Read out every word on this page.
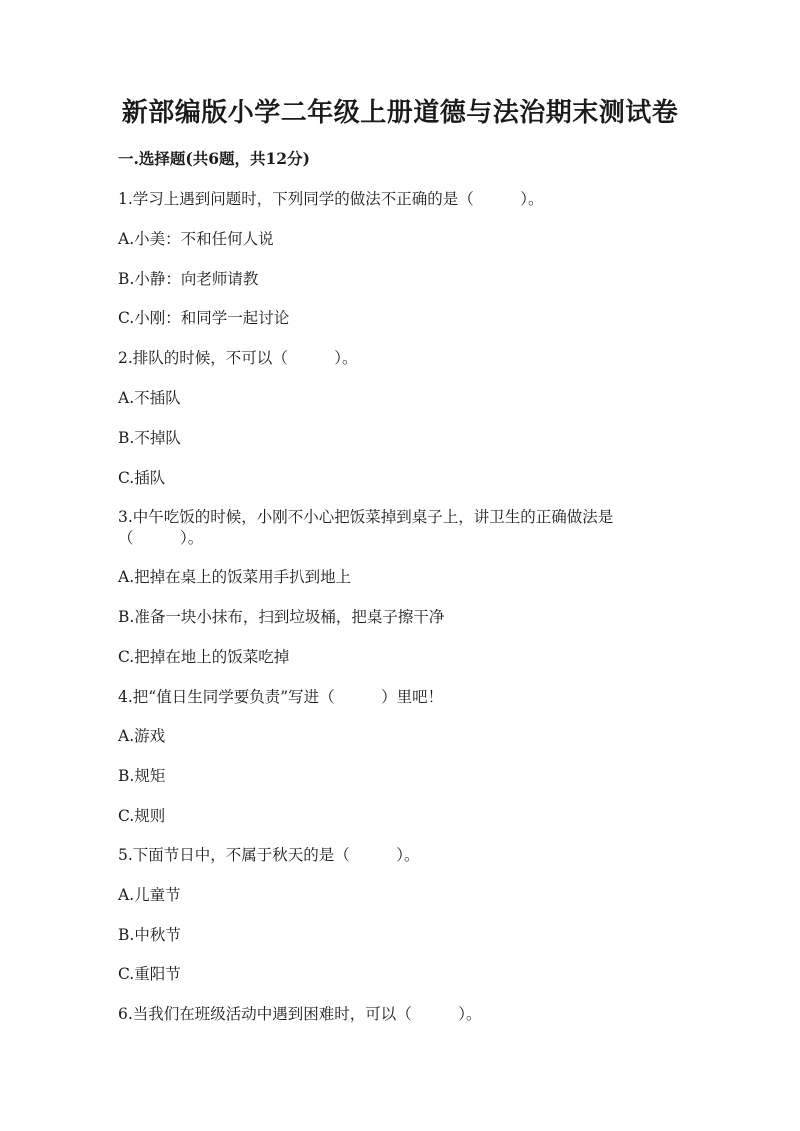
新部编版小学二年级上册道德与法治期末测试卷
一.选择题(共6题，共12分)
1.学习上遇到问题时，下列同学的做法不正确的是（　　　）。
A.小美：不和任何人说
B.小静：向老师请教
C.小刚：和同学一起讨论
2.排队的时候，不可以（　　　）。
A.不插队
B.不掉队
C.插队
3.中午吃饭的时候，小刚不小心把饭菜掉到桌子上，讲卫生的正确做法是
（　　　）。
A.把掉在桌上的饭菜用手扒到地上
B.准备一块小抹布，扫到垃圾桶，把桌子擦干净
C.把掉在地上的饭菜吃掉
4.把“值日生同学要负责”写进（　　　）里吧！
A.游戏
B.规矩
C.规则
5.下面节日中，不属于秋天的是（　　　）。
A.儿童节
B.中秋节
C.重阳节
6.当我们在班级活动中遇到困难时，可以（　　　）。
